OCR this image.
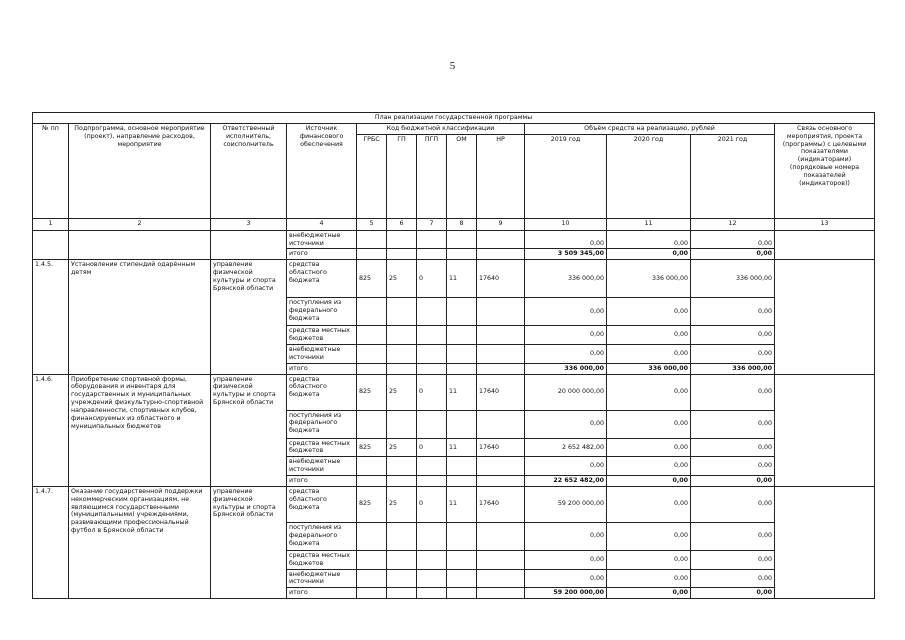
5
План реализации государственной программы												
№ пп	Подпрограмма, основное мероприятие (проект), направление расходов, мероприятие	Ответственный исполнитель, соисполнитель	Источник финансового обеспечения	Код бюджетной классификации					Объём средств на реализацию, рублей			Связь основного мероприятия, проекта (программы) с целевыми показателями (индикаторами) (порядковые номера показателей (индикаторов))
				ГРБС	ГП	ПГП	ОМ	НР	2019 год	2020 год	2021 год	
1	2	3	4	5	6	7	8	9	10	11	12	13
			внебюджетные источники						0,00	0,00	0,00	
			итого						3 509 345,00	0,00	0,00	
1.4.5.	Установление стипендий одарённым детям	управление физической культуры и спорта Брянской области	средства областного бюджета	825	25	0	11	17640	336 000,00	336 000,00	336 000,00	
			поступления из федерального бюджета						0,00	0,00	0,00	
			средства местных бюджетов						0,00	0,00	0,00	
			внебюджетные источники						0,00	0,00	0,00	
			итого						336 000,00	336 000,00	336 000,00	
1.4.6.	Приобретение спортивной формы, оборудования и инвентаря для государственных и муниципальных учреждений физкультурно-спортивной направленности, спортивных клубов, финансируемых из областного и муниципальных бюджетов	управление физической культуры и спорта Брянской области	средства областного бюджета	825	25	0	11	17640	20 000 000,00	0,00	0,00	
			поступления из федерального бюджета						0,00	0,00	0,00	
			средства местных бюджетов	825	25	0	11	17640	2 652 482,00	0,00	0,00	
			внебюджетные источники						0,00	0,00	0,00	
			итого						22 652 482,00	0,00	0,00	
1.4.7.	Оказание государственной поддержки некоммерческим организациям, не являющимся государственными (муниципальными) учреждениями, развивающими профессиональный футбол в Брянской области	управление физической культуры и спорта Брянской области	средства областного бюджета	825	25	0	11	17640	59 200 000,00	0,00	0,00	
			поступления из федерального бюджета						0,00	0,00	0,00	
			средства местных бюджетов						0,00	0,00	0,00	
			внебюджетные источники						0,00	0,00	0,00	
			итого						59 200 000,00	0,00	0,00	
